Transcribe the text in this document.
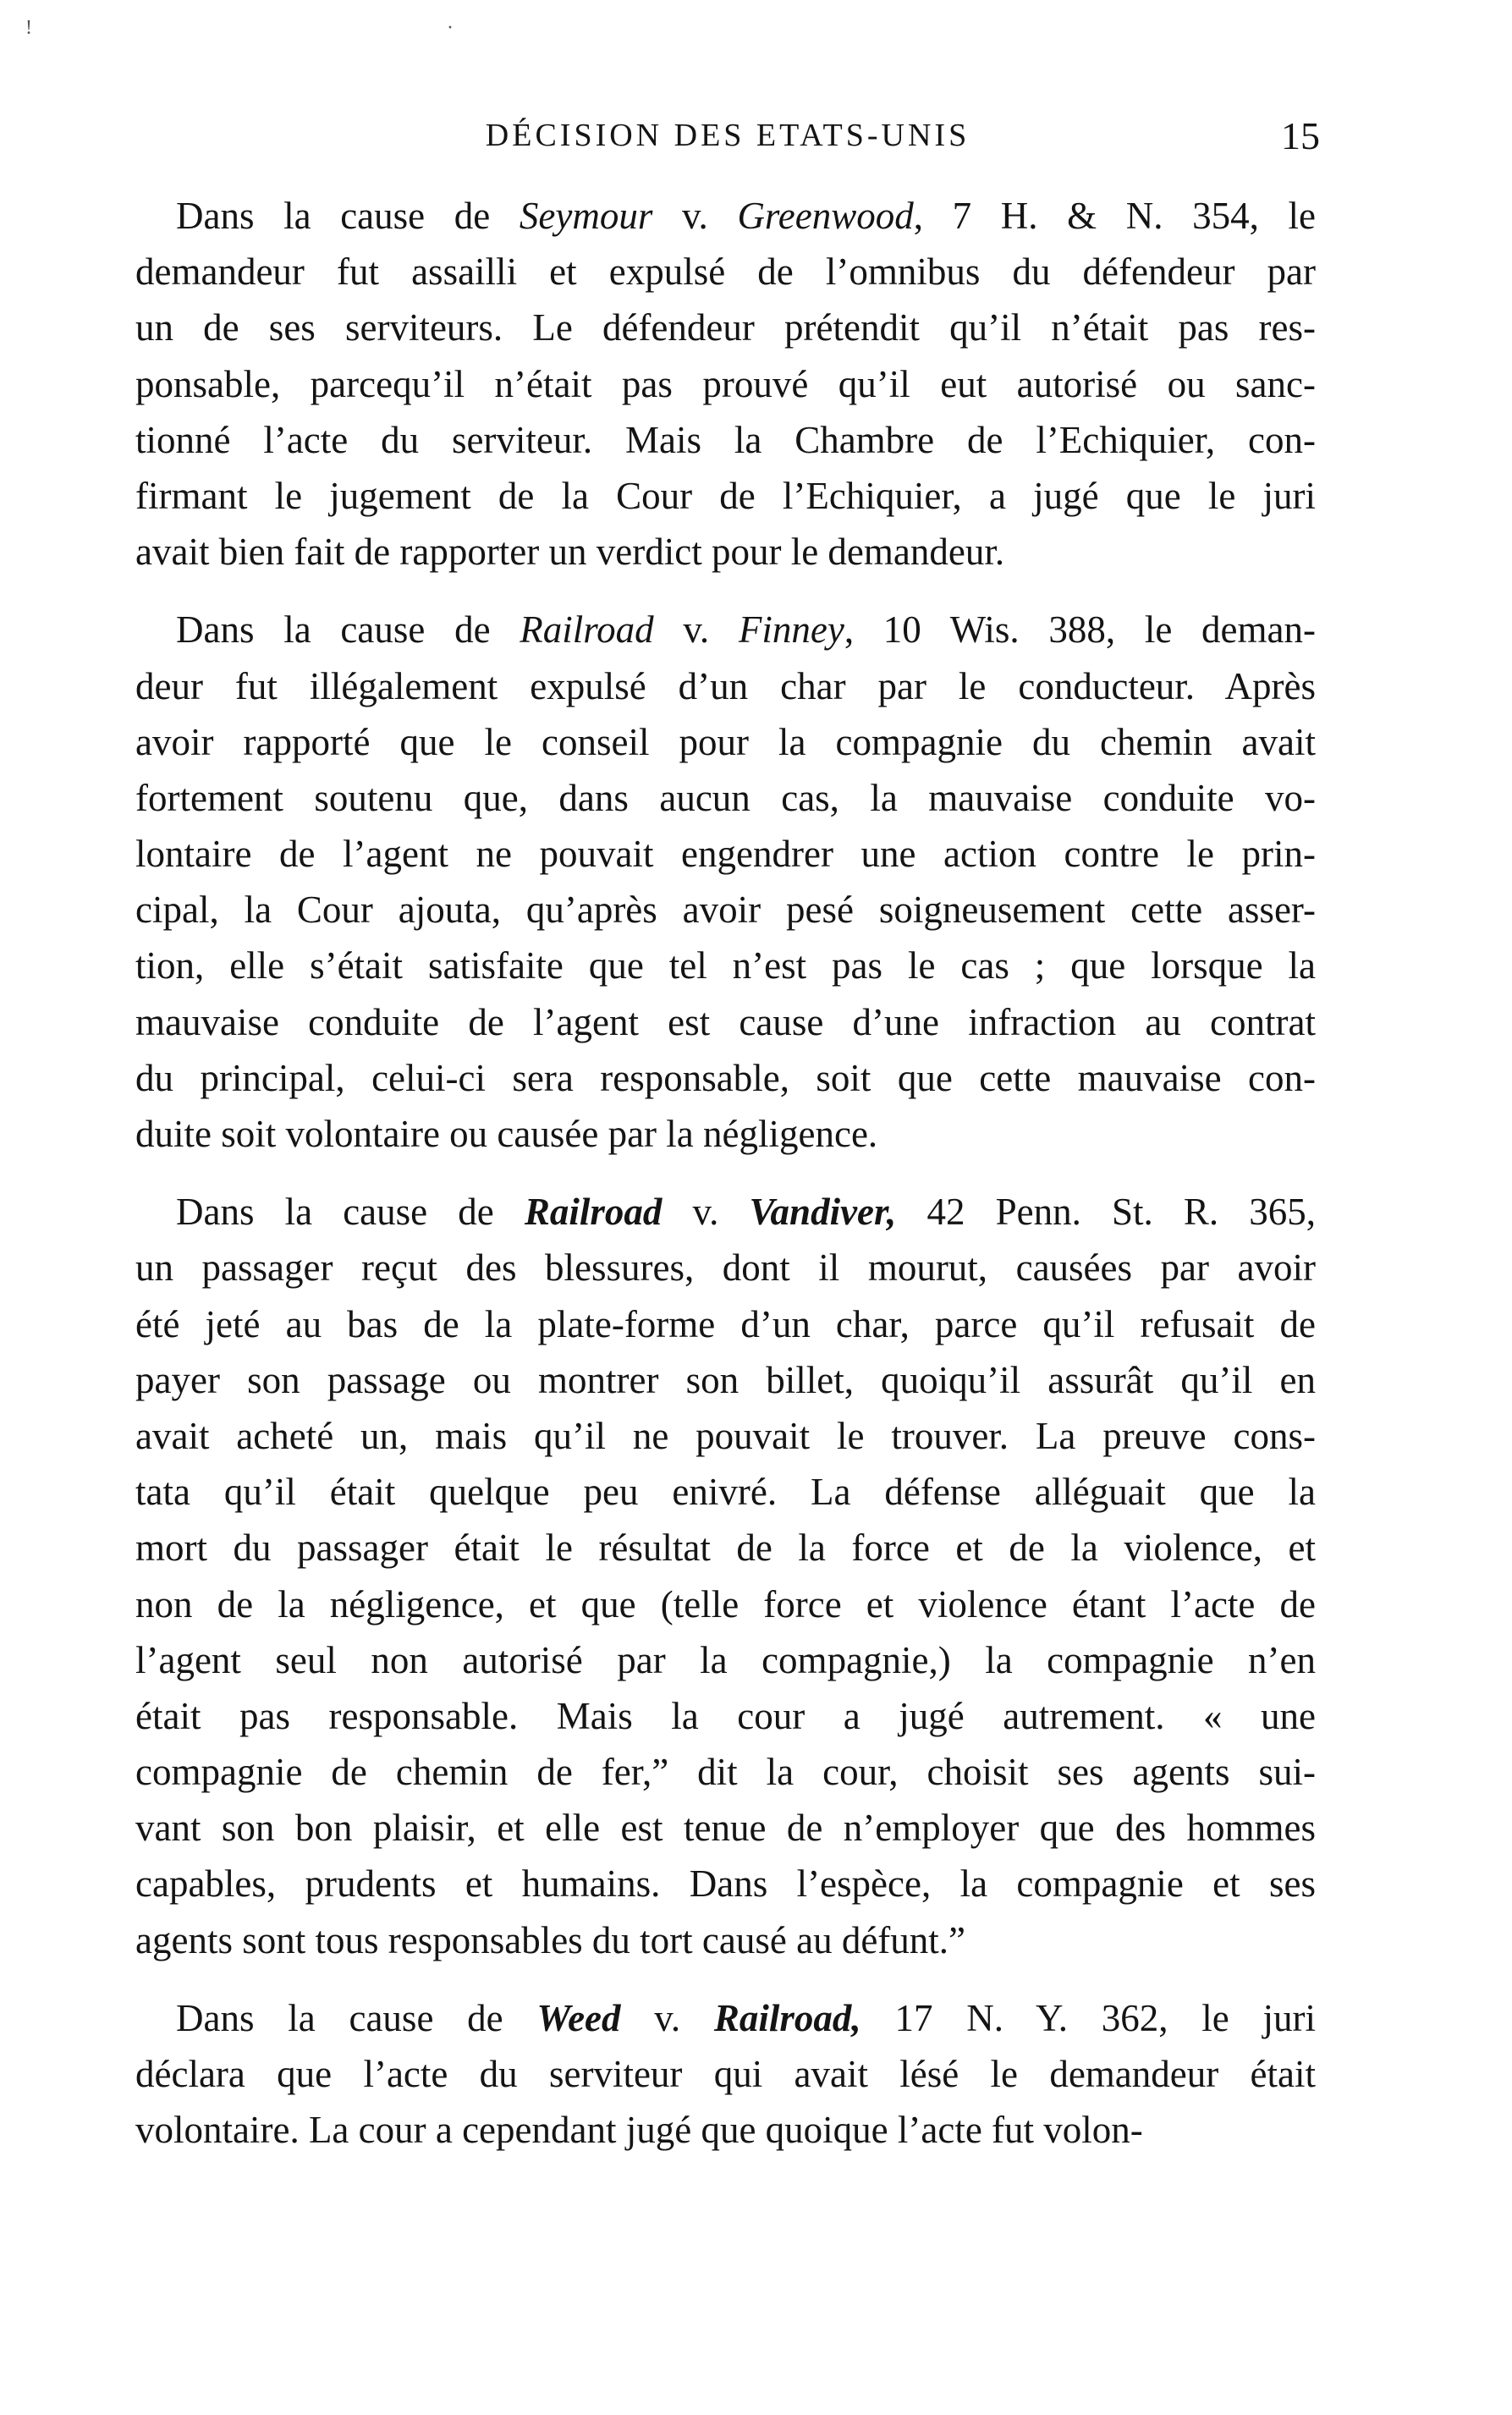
!	·
DÉCISION DES ETATS-UNIS	15
Dans la cause de Seymour v. Greenwood, 7 H. & N. 354, le
demandeur fut assailli et expulsé de l’omnibus du défendeur par
un de ses serviteurs. Le défendeur prétendit qu’il n’était pas res-
ponsable, parcequ’il n’était pas prouvé qu’il eut autorisé ou sanc-
tionné l’acte du serviteur. Mais la Chambre de l’Echiquier, con-
firmant le jugement de la Cour de l’Echiquier, a jugé que le juri
avait bien fait de rapporter un verdict pour le demandeur.
Dans la cause de Railroad v. Finney, 10 Wis. 388, le deman-
deur fut illégalement expulsé d’un char par le conducteur. Après
avoir rapporté que le conseil pour la compagnie du chemin avait
fortement soutenu que, dans aucun cas, la mauvaise conduite vo-
lontaire de l’agent ne pouvait engendrer une action contre le prin-
cipal, la Cour ajouta, qu’après avoir pesé soigneusement cette asser-
tion, elle s’était satisfaite que tel n’est pas le cas ; que lorsque la
mauvaise conduite de l’agent est cause d’une infraction au contrat
du principal, celui-ci sera responsable, soit que cette mauvaise con-
duite soit volontaire ou causée par la négligence.
Dans la cause de Railroad v. Vandiver, 42 Penn. St. R. 365,
un passager reçut des blessures, dont il mourut, causées par avoir
été jeté au bas de la plate-forme d’un char, parce qu’il refusait de
payer son passage ou montrer son billet, quoiqu’il assurât qu’il en
avait acheté un, mais qu’il ne pouvait le trouver. La preuve cons-
tata qu’il était quelque peu enivré. La défense alléguait que la
mort du passager était le résultat de la force et de la violence, et
non de la négligence, et que (telle force et violence étant l’acte de
l’agent seul non autorisé par la compagnie,) la compagnie n’en
était pas responsable. Mais la cour a jugé autrement. « une
compagnie de chemin de fer,” dit la cour, choisit ses agents sui-
vant son bon plaisir, et elle est tenue de n’employer que des hommes
capables, prudents et humains. Dans l’espèce, la compagnie et ses
agents sont tous responsables du tort causé au défunt.”
Dans la cause de Weed v. Railroad, 17 N. Y. 362, le juri
déclara que l’acte du serviteur qui avait lésé le demandeur était
volontaire. La cour a cependant jugé que quoique l’acte fut volon-
